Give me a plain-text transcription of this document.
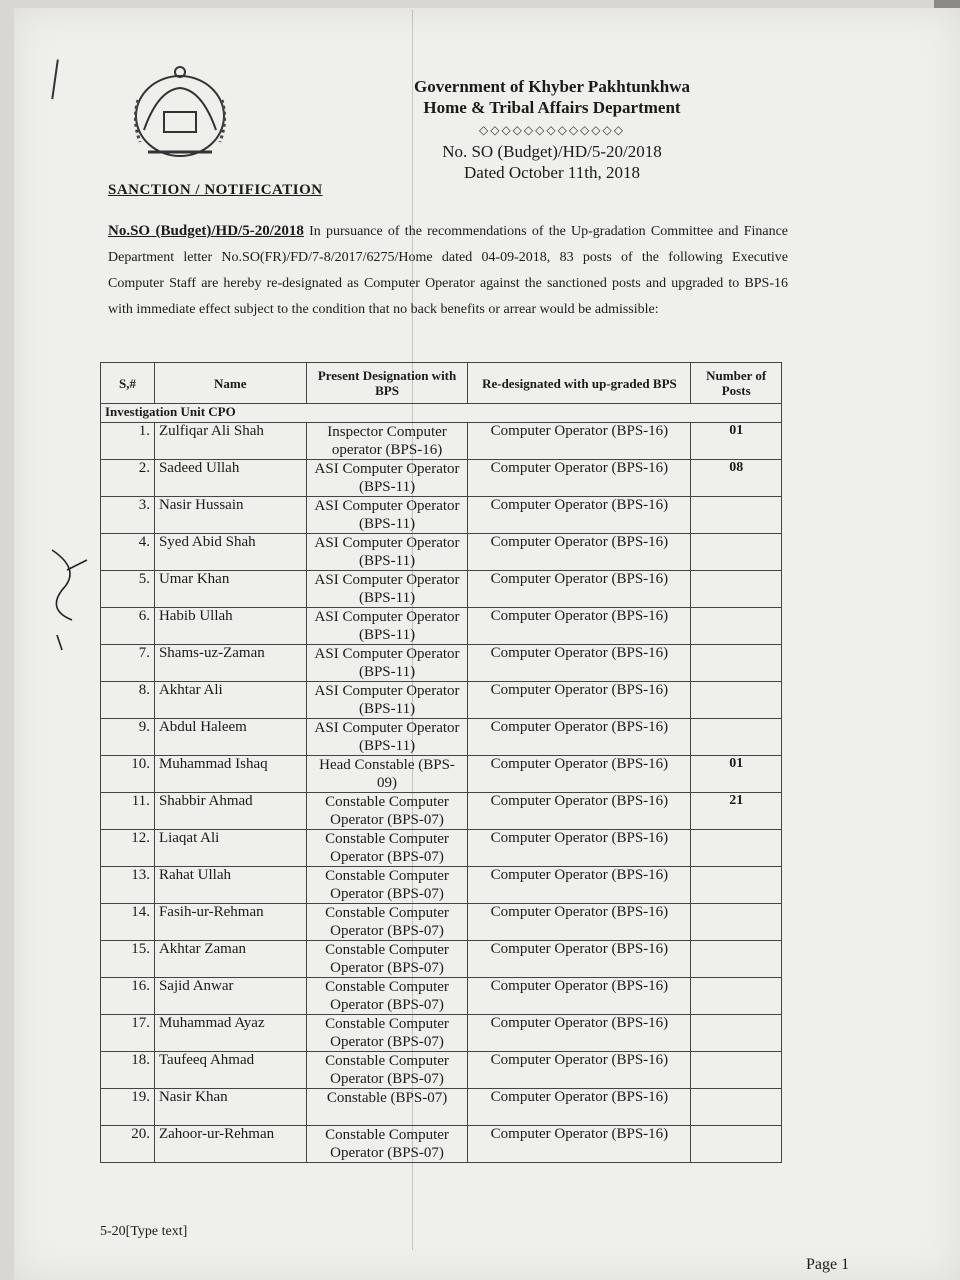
Government of Khyber Pakhtunkhwa
Home & Tribal Affairs Department
◇◇◇◇◇◇◇◇◇◇◇◇◇
No. SO (Budget)/HD/5-20/2018
Dated October 11th, 2018
SANCTION / NOTIFICATION
No.SO (Budget)/HD/5-20/2018 In pursuance of the recommendations of the Up-gradation Committee and Finance Department letter No.SO(FR)/FD/7-8/2017/6275/Home dated 04-09-2018, 83 posts of the following Executive Computer Staff are hereby re-designated as Computer Operator against the sanctioned posts and upgraded to BPS-16 with immediate effect subject to the condition that no back benefits or arrear would be admissible:
S,#	Name	Present Designation with BPS	Re-designated with up-graded BPS	Number of Posts
Investigation Unit CPO				
1.	Zulfiqar Ali Shah	Inspector Computer operator (BPS-16)	Computer Operator (BPS-16)	01
2.	Sadeed Ullah	ASI Computer Operator (BPS-11)	Computer Operator (BPS-16)	08
3.	Nasir Hussain	ASI Computer Operator (BPS-11)	Computer Operator (BPS-16)	
4.	Syed Abid Shah	ASI Computer Operator (BPS-11)	Computer Operator (BPS-16)	
5.	Umar Khan	ASI Computer Operator (BPS-11)	Computer Operator (BPS-16)	
6.	Habib Ullah	ASI Computer Operator (BPS-11)	Computer Operator (BPS-16)	
7.	Shams-uz-Zaman	ASI Computer Operator (BPS-11)	Computer Operator (BPS-16)	
8.	Akhtar Ali	ASI Computer Operator (BPS-11)	Computer Operator (BPS-16)	
9.	Abdul Haleem	ASI Computer Operator (BPS-11)	Computer Operator (BPS-16)	
10.	Muhammad Ishaq	Head Constable (BPS-09)	Computer Operator (BPS-16)	01
11.	Shabbir Ahmad	Constable Computer Operator (BPS-07)	Computer Operator (BPS-16)	21
12.	Liaqat Ali	Constable Computer Operator (BPS-07)	Computer Operator (BPS-16)	
13.	Rahat Ullah	Constable Computer Operator (BPS-07)	Computer Operator (BPS-16)	
14.	Fasih-ur-Rehman	Constable Computer Operator (BPS-07)	Computer Operator (BPS-16)	
15.	Akhtar Zaman	Constable Computer Operator (BPS-07)	Computer Operator (BPS-16)	
16.	Sajid Anwar	Constable Computer Operator (BPS-07)	Computer Operator (BPS-16)	
17.	Muhammad Ayaz	Constable Computer Operator (BPS-07)	Computer Operator (BPS-16)	
18.	Taufeeq Ahmad	Constable Computer Operator (BPS-07)	Computer Operator (BPS-16)	
19.	Nasir Khan	Constable (BPS-07)	Computer Operator (BPS-16)	
20.	Zahoor-ur-Rehman	Constable Computer Operator (BPS-07)	Computer Operator (BPS-16)	
5-20[Type text]
Page 1
